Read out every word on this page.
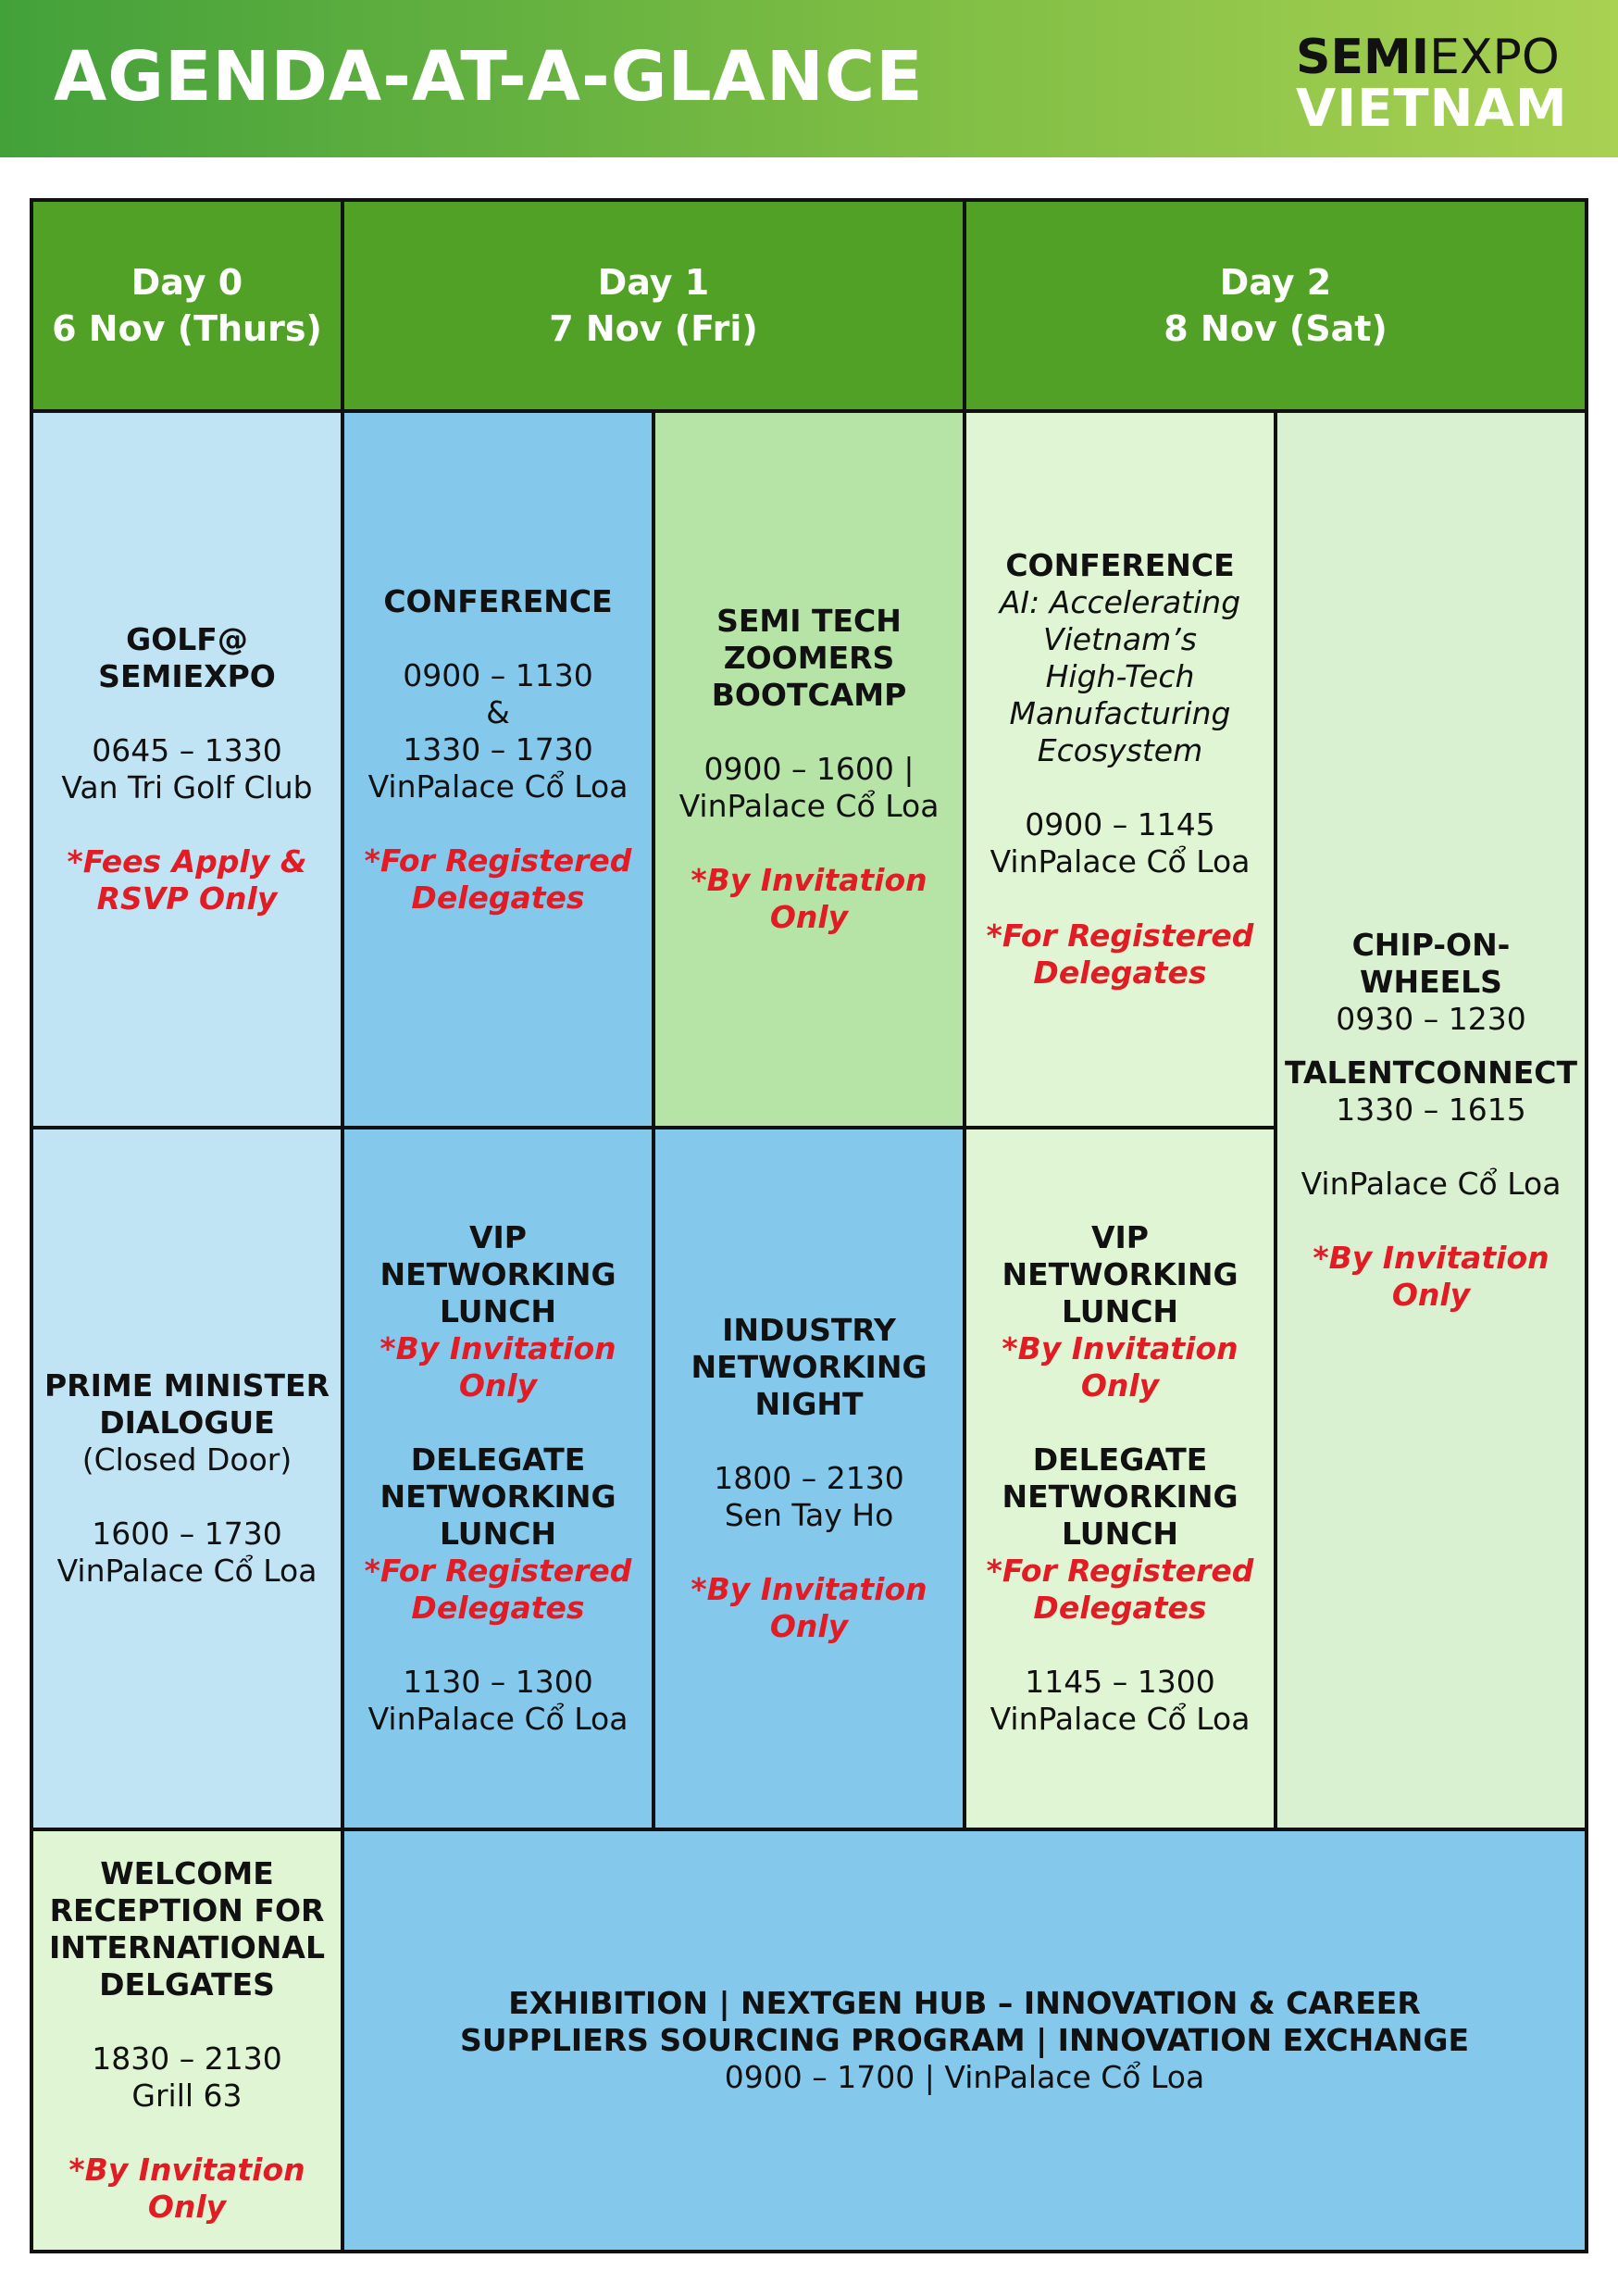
AGENDA-AT-A-GLANCE	SEMIEXPO
VIETNAM
Day 0
6 Nov (Thurs)
Day 1
7 Nov (Fri)
Day 2
8 Nov (Sat)
GOLF@
SEMIEXPO
0645 – 1330
Van Tri Golf Club
*Fees Apply &
RSVP Only
CONFERENCE
0900 – 1130
&
1330 – 1730
VinPalace Cổ Loa
*For Registered
Delegates
SEMI TECH
ZOOMERS
BOOTCAMP
0900 – 1600 |
VinPalace Cổ Loa
*By Invitation
Only
CONFERENCE
AI: Accelerating
Vietnam’s
High-Tech
Manufacturing
Ecosystem
0900 – 1145
VinPalace Cổ Loa
*For Registered
Delegates
CHIP-ON-
WHEELS
0930 – 1230
TALENTCONNECT
1330 – 1615
VinPalace Cổ Loa
*By Invitation
Only
PRIME MINISTER
DIALOGUE
(Closed Door)
1600 – 1730
VinPalace Cổ Loa
VIP
NETWORKING
LUNCH
*By Invitation
Only
DELEGATE
NETWORKING
LUNCH
*For Registered
Delegates
1130 – 1300
VinPalace Cổ Loa
INDUSTRY
NETWORKING
NIGHT
1800 – 2130
Sen Tay Ho
*By Invitation
Only
VIP
NETWORKING
LUNCH
*By Invitation
Only
DELEGATE
NETWORKING
LUNCH
*For Registered
Delegates
1145 – 1300
VinPalace Cổ Loa
WELCOME
RECEPTION FOR
INTERNATIONAL
DELGATES
1830 – 2130
Grill 63
*By Invitation
Only
EXHIBITION | NEXTGEN HUB – INNOVATION & CAREER
SUPPLIERS SOURCING PROGRAM | INNOVATION EXCHANGE
0900 – 1700 | VinPalace Cổ Loa
